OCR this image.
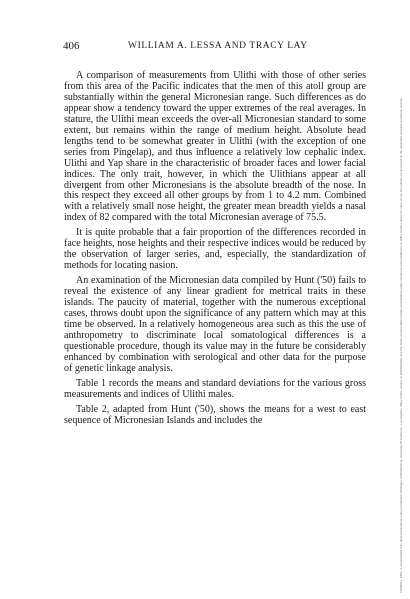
406	WILLIAM A. LESSA AND TRACY LAY

A comparison of measurements from Ulithi with those of other series from this area of the Pacific indicates that the men of this atoll group are substantially within the general Micronesian range. Such differences as do appear show a tendency toward the upper extremes of the real averages. In stature, the Ulithi mean exceeds the over-all Micronesian standard to some extent, but remains within the range of medium height. Absolute head lengths tend to be somewhat greater in Ulithi (with the exception of one series from Pingelap), and thus influence a relatively low cephalic index. Ulithi and Yap share in the characteristic of broader faces and lower facial indices. The only trait, however, in which the Ulithians appear at all divergent from other Micronesians is the absolute breadth of the nose. In this respect they exceed all other groups by from 1 to 4.2 mm. Combined with a relatively small nose height, the greater mean breadth yields a nasal index of 82 compared with the total Micronesian average of 75.5.

It is quite probable that a fair proportion of the differences recorded in face heights, nose heights and their respective indices would be reduced by the observation of larger series, and, especially, the standardization of methods for locating nasion.

An examination of the Micronesian data compiled by Hunt ('50) fails to reveal the existence of any linear gradient for metrical traits in these islands. The paucity of material, together with the numerous exceptional cases, throws doubt upon the significance of any pattern which may at this time be observed. In a relatively homogeneous area such as this the use of anthropometry to discriminate local somatological differences is a questionable procedure, though its value may in the future be considerably enhanced by combination with serological and other data for the purpose of genetic linkage analysis.

Table 1 records the means and standard deviations for the various gross measurements and indices of Ulithi males.

Table 2, adapted from Hunt ('50), shows the means for a west to east sequence of Micronesian Islands and includes the	1096861x, 1953, 3, Downloaded from https://onlinelibrary.wiley.com/doi/10.1002/ajpa.1330110310 by University Of California - Los Angeles, Wiley Online Library on [06/03/2025]. See the Terms and Conditions (https://onlinelibrary.wiley.com/terms-and-conditions) on Wiley Online Library for rules of use; OA articles are governed by the applicable Creative Commons License
